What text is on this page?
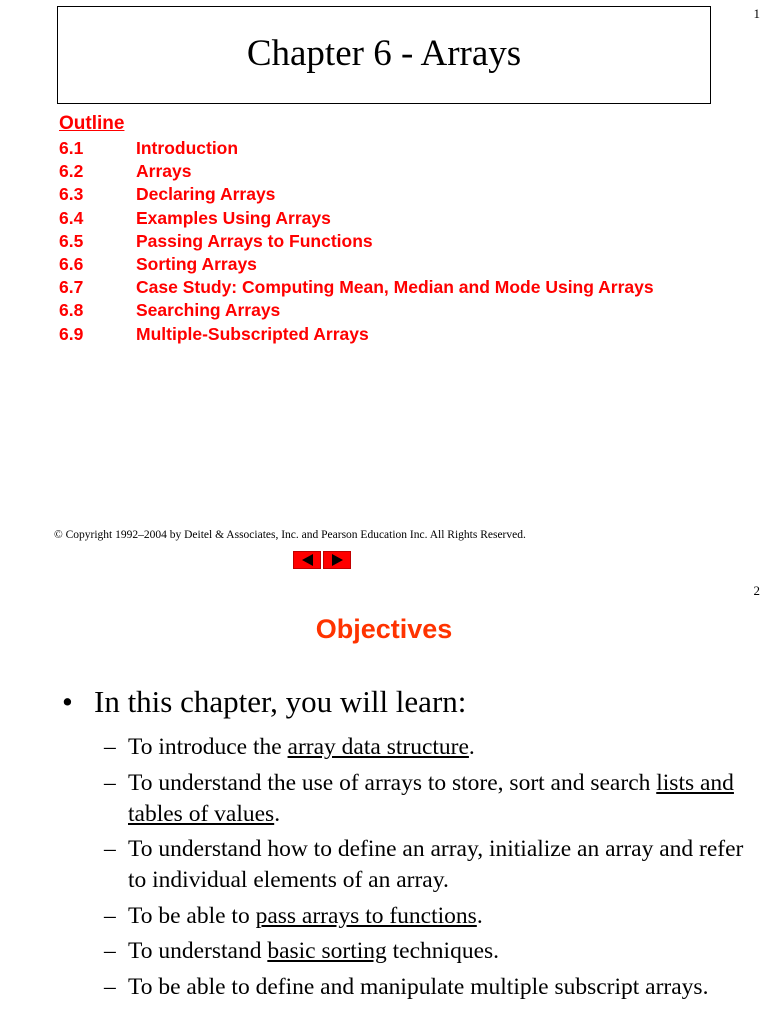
1
Chapter 6 - Arrays
Outline
6.1	Introduction
6.2	Arrays
6.3	Declaring Arrays
6.4	Examples Using Arrays
6.5	Passing Arrays to Functions
6.6	Sorting Arrays
6.7	Case Study: Computing Mean, Median and Mode Using Arrays
6.8	Searching Arrays
6.9	Multiple-Subscripted Arrays
© Copyright 1992–2004 by Deitel & Associates, Inc. and Pearson Education Inc. All Rights Reserved.
2
Objectives
• In this chapter, you will learn:
– To introduce the array data structure.
– To understand the use of arrays to store, sort and search lists and tables of values.
– To understand how to define an array, initialize an array and refer to individual elements of an array.
– To be able to pass arrays to functions.
– To understand basic sorting techniques.
– To be able to define and manipulate multiple subscript arrays.
